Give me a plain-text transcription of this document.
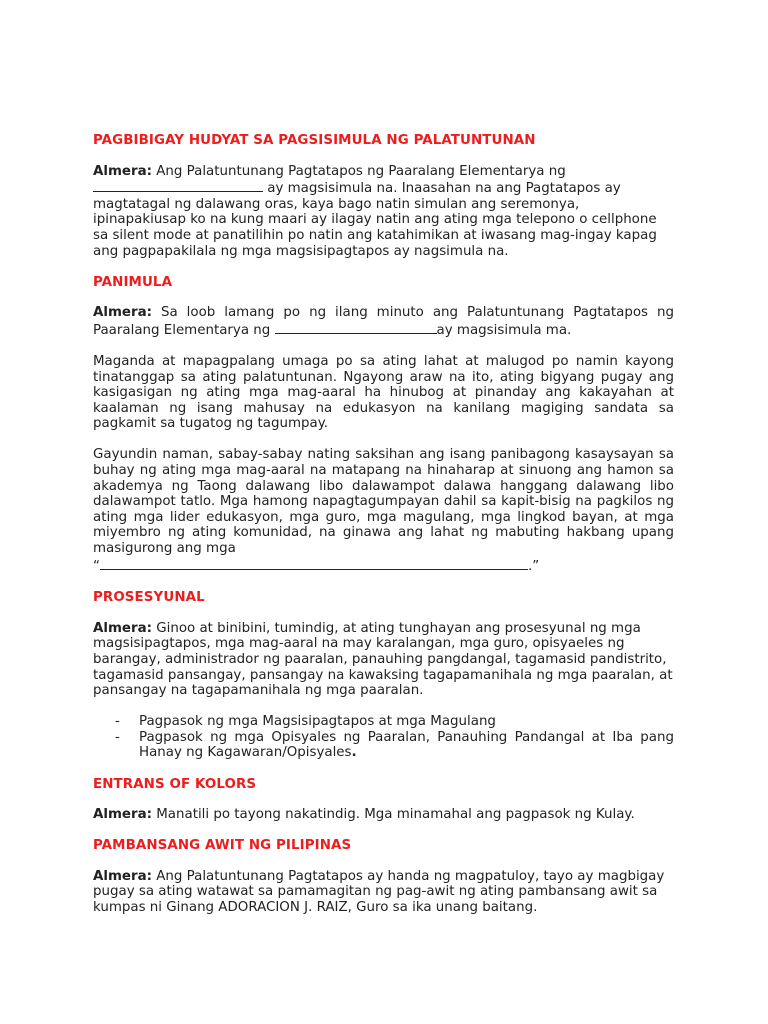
PAGBIBIGAY HUDYAT SA PAGSISIMULA NG PALATUNTUNAN

Almera: Ang Palatuntunang Pagtatapos ng Paaralang Elementarya ng  ay magsisimula na. Inaasahan na ang Pagtatapos ay magtatagal ng dalawang oras, kaya bago natin simulan ang seremonya, ipinapakiusap ko na kung maari ay ilagay natin ang ating mga telepono o cellphone sa silent mode at panatilihin po natin ang katahimikan at iwasang mag-ingay kapag ang pagpapakilala ng mga magsisipagtapos ay nagsimula na.

PANIMULA

Almera: Sa loob lamang po ng ilang minuto ang Palatuntunang Pagtatapos ng Paaralang Elementarya ng	ay magsisimula ma.

Maganda at mapagpalang umaga po sa ating lahat at malugod po namin kayong tinatanggap sa ating palatuntunan. Ngayong araw na ito, ating bigyang pugay ang kasigasigan ng ating mga mag-aaral ha hinubog at pinanday ang kakayahan at kaalaman ng isang mahusay na edukasyon na kanilang magiging sandata sa pagkamit sa tugatog ng tagumpay.

Gayundin naman, sabay-sabay nating saksihan ang isang panibagong kasaysayan sa buhay ng ating mga mag-aaral na matapang na hinaharap at sinuong ang hamon sa akademya ng Taong dalawang libo dalawampot dalawa hanggang dalawang libo dalawampot tatlo. Mga hamong napagtagumpayan dahil sa kapit-bisig na pagkilos ng ating mga lider edukasyon, mga guro, mga magulang, mga lingkod bayan, at mga miyembro ng ating komunidad, na ginawa ang lahat ng mabuting hakbang upang masigurong ang mga
“	.”

PROSESYUNAL

Almera: Ginoo at binibini, tumindig, at ating tunghayan ang prosesyunal ng mga magsisipagtapos, mga mag-aaral na may karalangan, mga guro, opisyaeles ng barangay, administrador ng paaralan, panauhing pangdangal, tagamasid pandistrito, tagamasid pansangay, pansangay na kawaksing tagapamanihala ng mga paaralan, at pansangay na tagapamanihala ng mga paaralan.

- Pagpasok ng mga Magsisipagtapos at mga Magulang
- Pagpasok ng mga Opisyales ng Paaralan, Panauhing Pandangal at Iba pang Hanay ng Kagawaran/Opisyales.
ENTRANS OF KOLORS

Almera: Manatili po tayong nakatindig. Mga minamahal ang pagpasok ng Kulay.

PAMBANSANG AWIT NG PILIPINAS

Almera: Ang Palatuntunang Pagtatapos ay handa ng magpatuloy, tayo ay magbigay pugay sa ating watawat sa pamamagitan ng pag-awit ng ating pambansang awit sa kumpas ni Ginang ADORACION J. RAIZ, Guro sa ika unang baitang.
